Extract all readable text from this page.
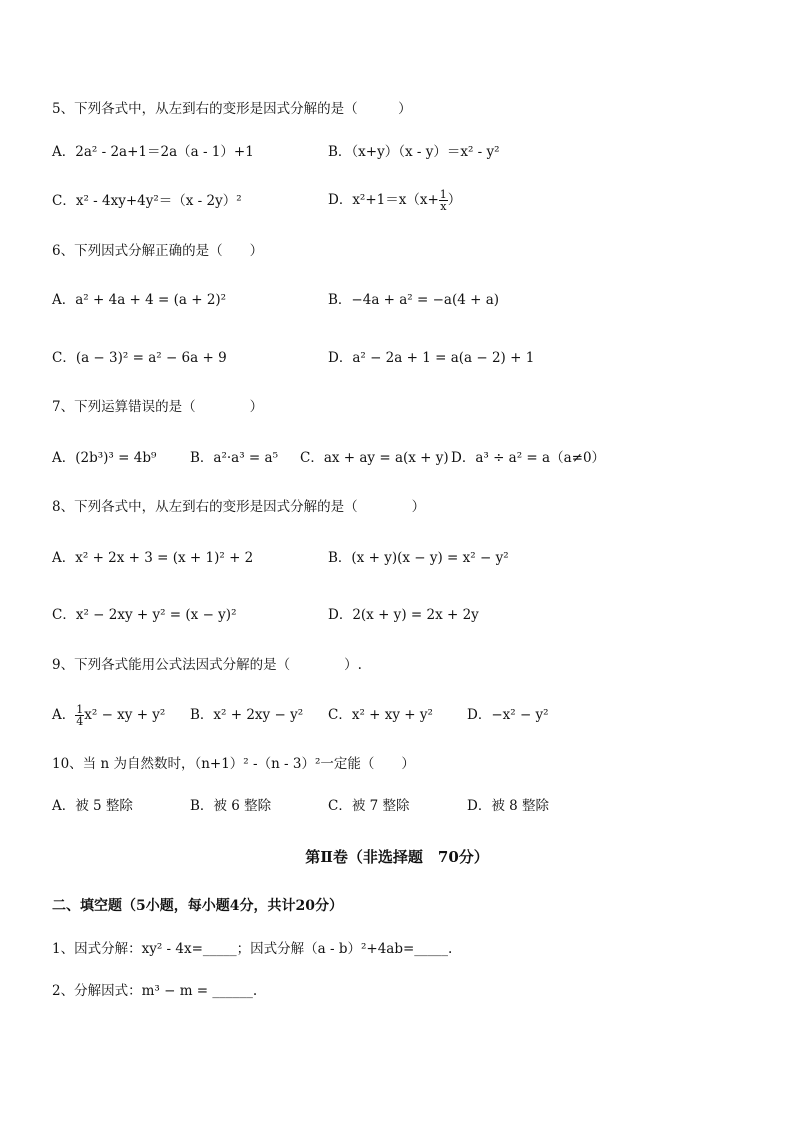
5、下列各式中，从左到右的变形是因式分解的是（　　　）
A．2a² - 2a+1＝2a（a - 1）+1	B．（x+y）（x - y）＝x² - y²
C．x² - 4xy+4y²＝（x - 2y）²	D．$x^2+1=x(x+ \frac{1}{x}$ ）
6、下列因式分解正确的是（　　）
A．a² + 4a + 4 = (a + 2)²	B．−4a + a² = −a(4 + a)
C．(a − 3)² = a² − 6a + 9	D．a² − 2a + 1 = a(a − 2) + 1
7、下列运算错误的是（　　　　）
A．(2b³)³ = 4b⁹ B．a²·a³ = a⁵ C．ax + ay = a(x + y) D．a³ ÷ a² = a（a≠0）
8、下列各式中，从左到右的变形是因式分解的是（　　　　）
A．x² + 2x + 3 = (x + 1)² + 2	B．(x + y)(x − y) = x² − y²
C．x² − 2xy + y² = (x − y)²	D．2(x + y) = 2x + 2y
9、下列各式能用公式法因式分解的是（　　　　）.
A． $\frac{1}{4} x^2$ − xy + y² B．x² + 2xy − y² C．x² + xy + y²	D．−x² − y²
10、当 n 为自然数时，（n+1）² -（n - 3）²一定能（　　）
A．被 5 整除	B．被 6 整除	C．被 7 整除	D．被 8 整除
第Ⅱ卷（非选择题　70分）
二、填空题（5小题，每小题4分，共计20分）
1、因式分解：xy² - 4x=_____；因式分解（a - b）²+4ab=_____.
2、分解因式：m³ − m = ______.
